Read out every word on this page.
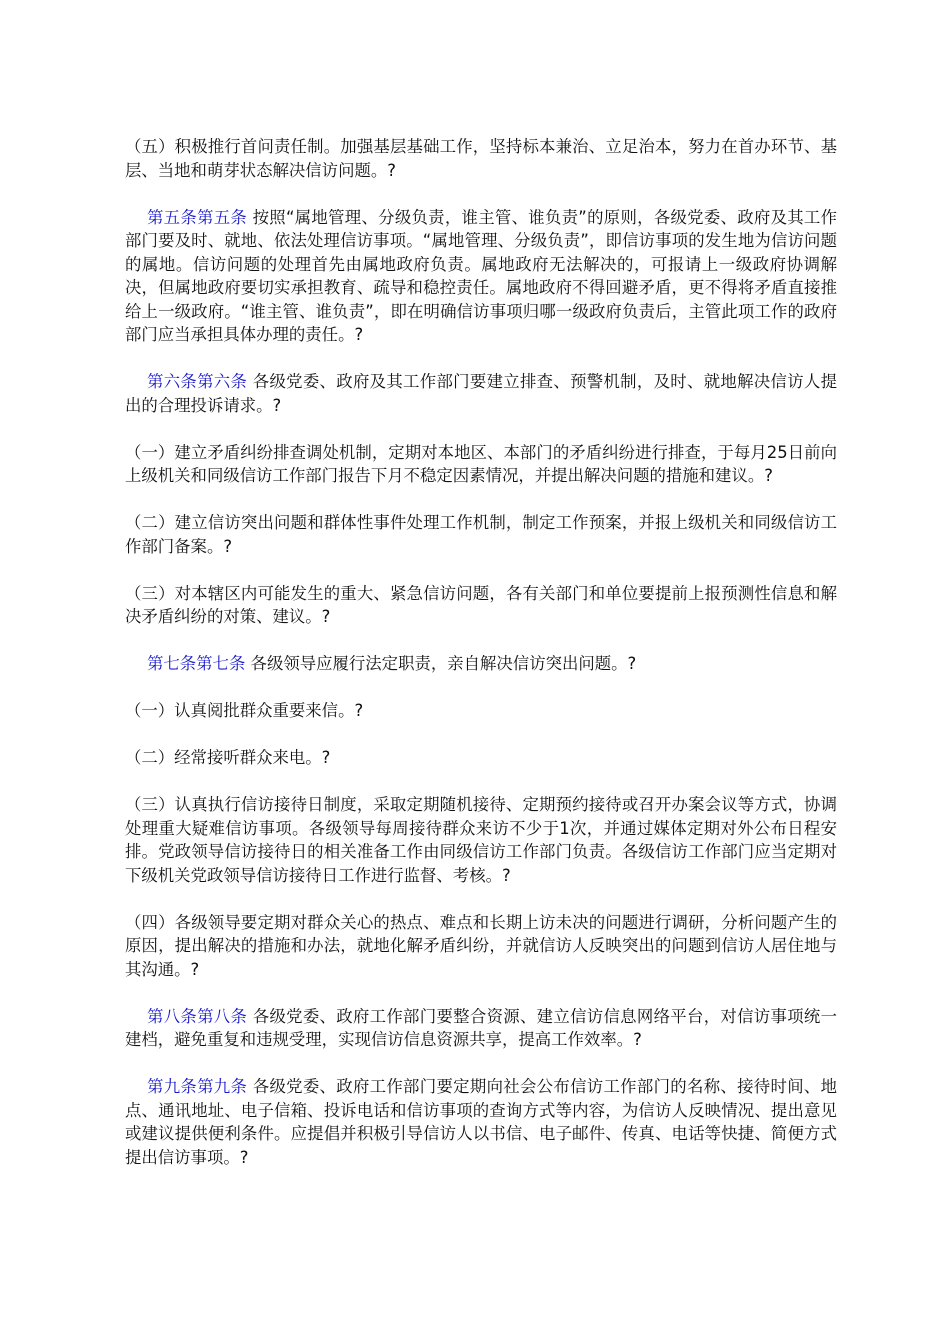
（五）积极推行首问责任制。加强基层基础工作，坚持标本兼治、立足治本，努力在首办环节、基层、当地和萌芽状态解决信访问题。?

第五条第五条 按照“属地管理、分级负责，谁主管、谁负责”的原则，各级党委、政府及其工作部门要及时、就地、依法处理信访事项。“属地管理、分级负责”，即信访事项的发生地为信访问题的属地。信访问题的处理首先由属地政府负责。属地政府无法解决的，可报请上一级政府协调解决，但属地政府要切实承担教育、疏导和稳控责任。属地政府不得回避矛盾，更不得将矛盾直接推给上一级政府。“谁主管、谁负责”，即在明确信访事项归哪一级政府负责后，主管此项工作的政府部门应当承担具体办理的责任。?

第六条第六条 各级党委、政府及其工作部门要建立排查、预警机制，及时、就地解决信访人提出的合理投诉请求。?

（一）建立矛盾纠纷排查调处机制，定期对本地区、本部门的矛盾纠纷进行排查，于每月25日前向上级机关和同级信访工作部门报告下月不稳定因素情况，并提出解决问题的措施和建议。?

（二）建立信访突出问题和群体性事件处理工作机制，制定工作预案，并报上级机关和同级信访工作部门备案。?

（三）对本辖区内可能发生的重大、紧急信访问题，各有关部门和单位要提前上报预测性信息和解决矛盾纠纷的对策、建议。?

第七条第七条 各级领导应履行法定职责，亲自解决信访突出问题。?

（一）认真阅批群众重要来信。?

（二）经常接听群众来电。?

（三）认真执行信访接待日制度，采取定期随机接待、定期预约接待或召开办案会议等方式，协调处理重大疑难信访事项。各级领导每周接待群众来访不少于1次，并通过媒体定期对外公布日程安排。党政领导信访接待日的相关准备工作由同级信访工作部门负责。各级信访工作部门应当定期对下级机关党政领导信访接待日工作进行监督、考核。?

（四）各级领导要定期对群众关心的热点、难点和长期上访未决的问题进行调研，分析问题产生的原因，提出解决的措施和办法，就地化解矛盾纠纷，并就信访人反映突出的问题到信访人居住地与其沟通。?

第八条第八条 各级党委、政府工作部门要整合资源、建立信访信息网络平台，对信访事项统一建档，避免重复和违规受理，实现信访信息资源共享，提高工作效率。?

第九条第九条 各级党委、政府工作部门要定期向社会公布信访工作部门的名称、接待时间、地点、通讯地址、电子信箱、投诉电话和信访事项的查询方式等内容，为信访人反映情况、提出意见或建议提供便利条件。应提倡并积极引导信访人以书信、电子邮件、传真、电话等快捷、简便方式提出信访事项。?
